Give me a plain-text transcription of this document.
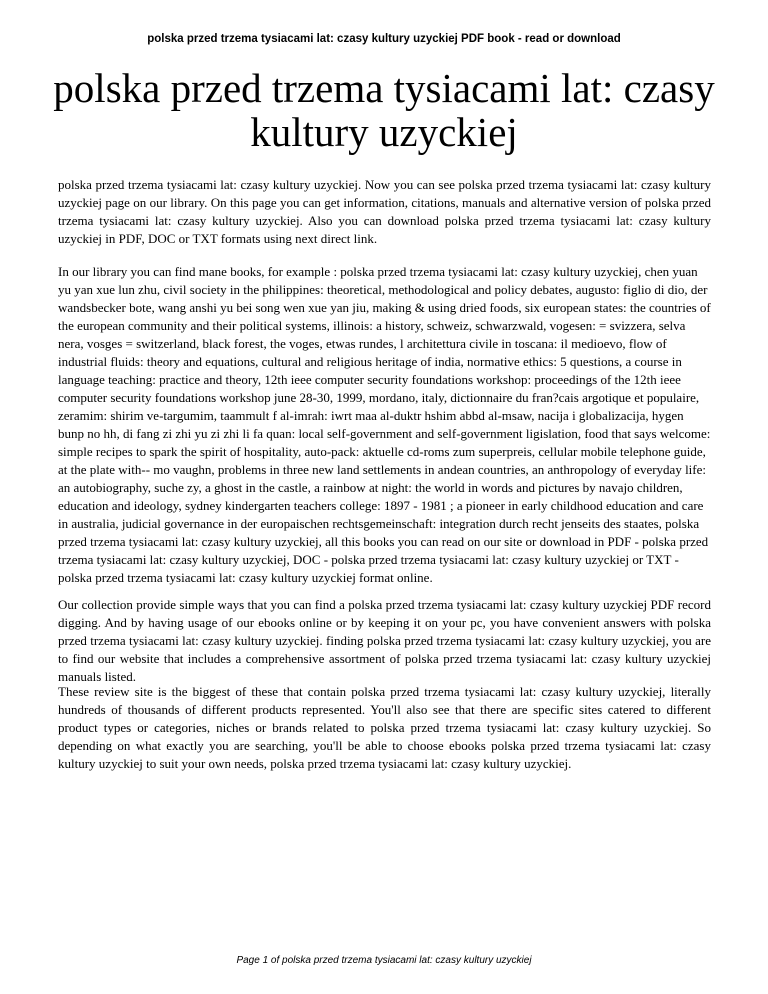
polska przed trzema tysiacami lat: czasy kultury uzyckiej PDF book - read or download
polska przed trzema tysiacami lat: czasy kultury uzyckiej

polska przed trzema tysiacami lat: czasy kultury uzyckiej. Now you can see polska przed trzema tysiacami lat: czasy kultury uzyckiej page on our library. On this page you can get information, citations, manuals and alternative version of polska przed trzema tysiacami lat: czasy kultury uzyckiej. Also you can download polska przed trzema tysiacami lat: czasy kultury uzyckiej in PDF, DOC or TXT formats using next direct link.

In our library you can find mane books, for example : polska przed trzema tysiacami lat: czasy kultury uzyckiej, chen yuan yu yan xue lun zhu, civil society in the philippines: theoretical, methodological and policy debates, augusto: figlio di dio, der wandsbecker bote, wang anshi yu bei song wen xue yan jiu, making & using dried foods, six european states: the countries of the european community and their political systems, illinois: a history, schweiz, schwarzwald, vogesen: = svizzera, selva nera, vosges = switzerland, black forest, the voges, etwas rundes, l architettura civile in toscana: il medioevo, flow of industrial fluids: theory and equations, cultural and religious heritage of india, normative ethics: 5 questions, a course in language teaching: practice and theory, 12th ieee computer security foundations workshop: proceedings of the 12th ieee computer security foundations workshop june 28-30, 1999, mordano, italy, dictionnaire du fran?cais argotique et populaire, zeramim: shirim ve-targumim, taammult f al-imrah: iwrt maa al-duktr hshim abbd al-msaw, nacija i globalizacija, hygen bunp no hh, di fang zi zhi yu zi zhi li fa quan: local self-government and self-government ligislation, food that says welcome: simple recipes to spark the spirit of hospitality, auto-pack: aktuelle cd-roms zum superpreis, cellular mobile telephone guide, at the plate with-- mo vaughn, problems in three new land settlements in andean countries, an anthropology of everyday life: an autobiography, suche zy, a ghost in the castle, a rainbow at night: the world in words and pictures by navajo children, education and ideology, sydney kindergarten teachers college: 1897 - 1981 ; a pioneer in early childhood education and care in australia, judicial governance in der europaischen rechtsgemeinschaft: integration durch recht jenseits des staates, polska przed trzema tysiacami lat: czasy kultury uzyckiej, all this books you can read on our site or download in PDF - polska przed trzema tysiacami lat: czasy kultury uzyckiej, DOC - polska przed trzema tysiacami lat: czasy kultury uzyckiej or TXT - polska przed trzema tysiacami lat: czasy kultury uzyckiej format online.

Our collection provide simple ways that you can find a polska przed trzema tysiacami lat: czasy kultury uzyckiej PDF record digging. And by having usage of our ebooks online or by keeping it on your pc, you have convenient answers with polska przed trzema tysiacami lat: czasy kultury uzyckiej. finding polska przed trzema tysiacami lat: czasy kultury uzyckiej, you are to find our website that includes a comprehensive assortment of polska przed trzema tysiacami lat: czasy kultury uzyckiej manuals listed.

These review site is the biggest of these that contain polska przed trzema tysiacami lat: czasy kultury uzyckiej, literally hundreds of thousands of different products represented. You'll also see that there are specific sites catered to different product types or categories, niches or brands related to polska przed trzema tysiacami lat: czasy kultury uzyckiej. So depending on what exactly you are searching, you'll be able to choose ebooks polska przed trzema tysiacami lat: czasy kultury uzyckiej to suit your own needs, polska przed trzema tysiacami lat: czasy kultury uzyckiej.

Page 1 of polska przed trzema tysiacami lat: czasy kultury uzyckiej
